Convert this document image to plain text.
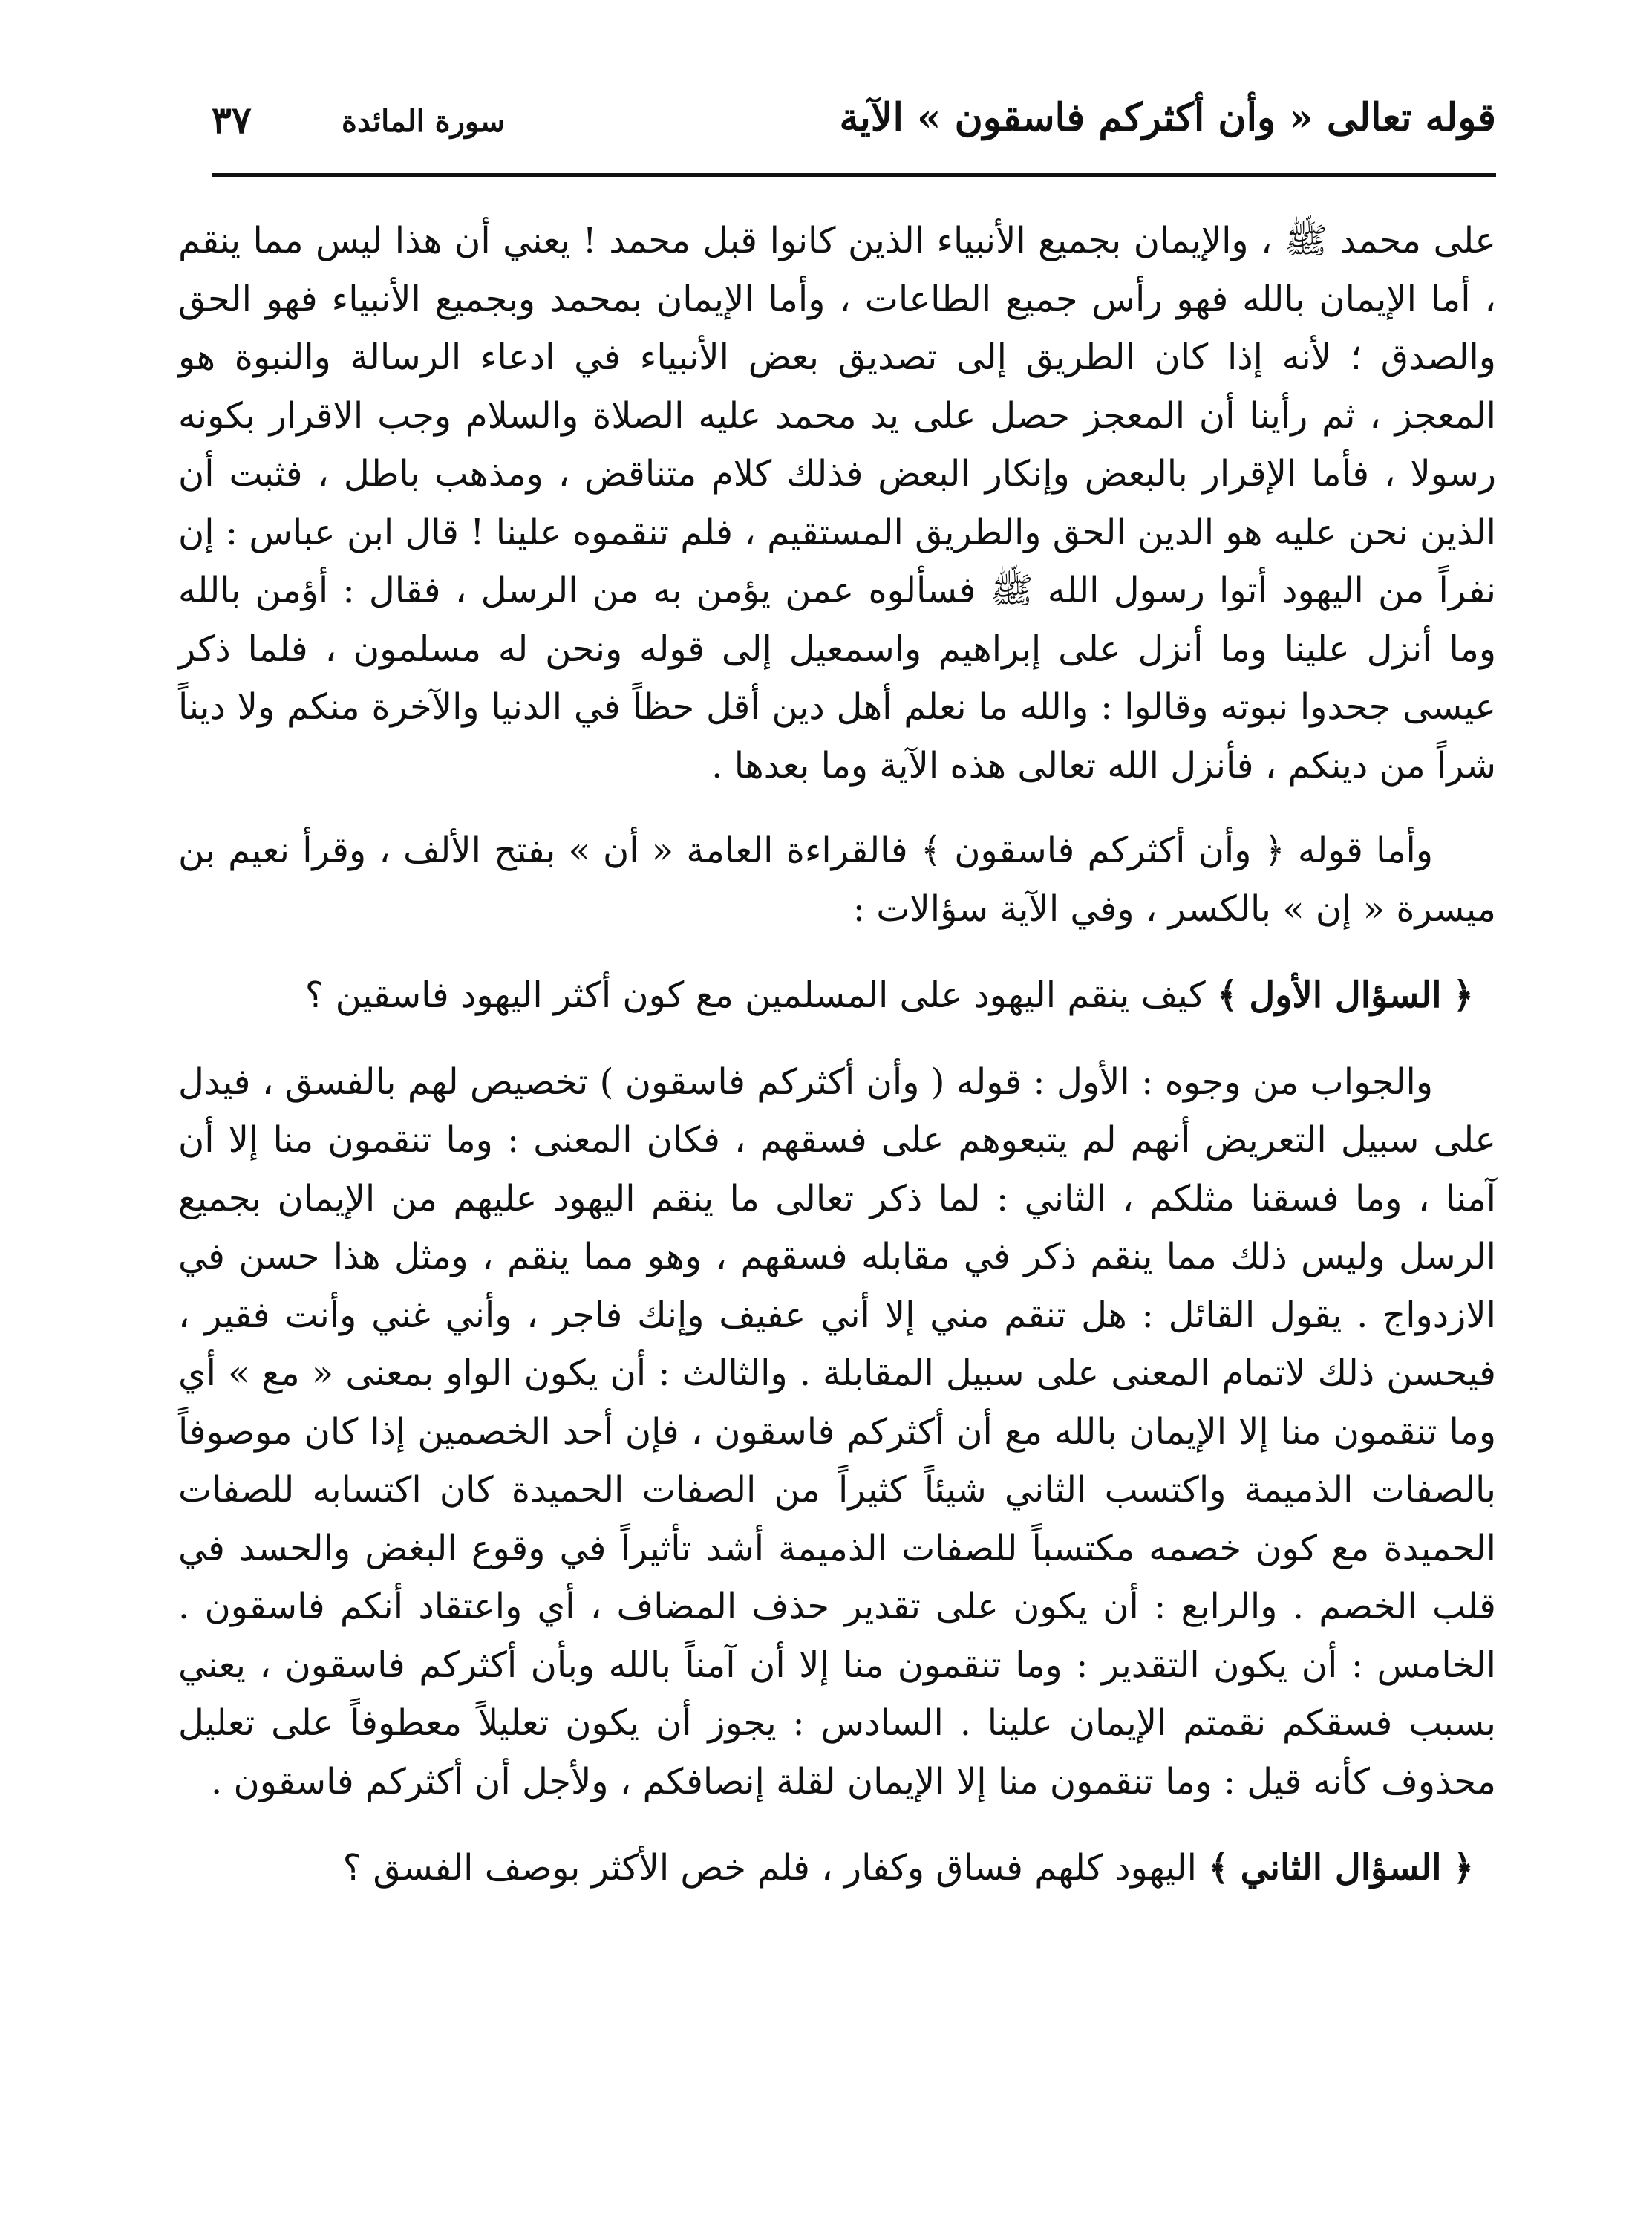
قوله تعالى « وأن أكثركم فاسقون » الآية
سورة المائدة
٣٧

على محمد ﷺ ، والإيمان بجميع الأنبياء الذين كانوا قبل محمد ! يعني أن هذا ليس مما ينقم ، أما الإيمان بالله فهو رأس جميع الطاعات ، وأما الإيمان بمحمد وبجميع الأنبياء فهو الحق والصدق ؛ لأنه إذا كان الطريق إلى تصديق بعض الأنبياء في ادعاء الرسالة والنبوة هو المعجز ، ثم رأينا أن المعجز حصل على يد محمد عليه الصلاة والسلام وجب الاقرار بكونه رسولا ، فأما الإقرار بالبعض وإنكار البعض فذلك كلام متناقض ، ومذهب باطل ، فثبت أن الذين نحن عليه هو الدين الحق والطريق المستقيم ، فلم تنقموه علينا ! قال ابن عباس : إن نفراً من اليهود أتوا رسول الله ﷺ فسألوه عمن يؤمن به من الرسل ، فقال : أؤمن بالله وما أنزل علينا وما أنزل على إبراهيم واسمعيل إلى قوله ونحن له مسلمون ، فلما ذكر عيسى جحدوا نبوته وقالوا : والله ما نعلم أهل دين أقل حظاً في الدنيا والآخرة منكم ولا ديناً شراً من دينكم ، فأنزل الله تعالى هذه الآية وما بعدها .

وأما قوله ﴿ وأن أكثركم فاسقون ﴾ فالقراءة العامة « أن » بفتح الألف ، وقرأ نعيم بن ميسرة « إن » بالكسر ، وفي الآية سؤالات :

﴿ السؤال الأول ﴾ كيف ينقم اليهود على المسلمين مع كون أكثر اليهود فاسقين ؟

والجواب من وجوه : الأول : قوله ( وأن أكثركم فاسقون ) تخصيص لهم بالفسق ، فيدل على سبيل التعريض أنهم لم يتبعوهم على فسقهم ، فكان المعنى : وما تنقمون منا إلا أن آمنا ، وما فسقنا مثلكم ، الثاني : لما ذكر تعالى ما ينقم اليهود عليهم من الإيمان بجميع الرسل وليس ذلك مما ينقم ذكر في مقابله فسقهم ، وهو مما ينقم ، ومثل هذا حسن في الازدواج . يقول القائل : هل تنقم مني إلا أني عفيف وإنك فاجر ، وأني غني وأنت فقير ، فيحسن ذلك لاتمام المعنى على سبيل المقابلة . والثالث : أن يكون الواو بمعنى « مع » أي وما تنقمون منا إلا الإيمان بالله مع أن أكثركم فاسقون ، فإن أحد الخصمين إذا كان موصوفاً بالصفات الذميمة واكتسب الثاني شيئاً كثيراً من الصفات الحميدة كان اكتسابه للصفات الحميدة مع كون خصمه مكتسباً للصفات الذميمة أشد تأثيراً في وقوع البغض والحسد في قلب الخصم . والرابع : أن يكون على تقدير حذف المضاف ، أي واعتقاد أنكم فاسقون . الخامس : أن يكون التقدير : وما تنقمون منا إلا أن آمناً بالله وبأن أكثركم فاسقون ، يعني بسبب فسقكم نقمتم الإيمان علينا . السادس : يجوز أن يكون تعليلاً معطوفاً على تعليل محذوف كأنه قيل : وما تنقمون منا إلا الإيمان لقلة إنصافكم ، ولأجل أن أكثركم فاسقون .

﴿ السؤال الثاني ﴾ اليهود كلهم فساق وكفار ، فلم خص الأكثر بوصف الفسق ؟
